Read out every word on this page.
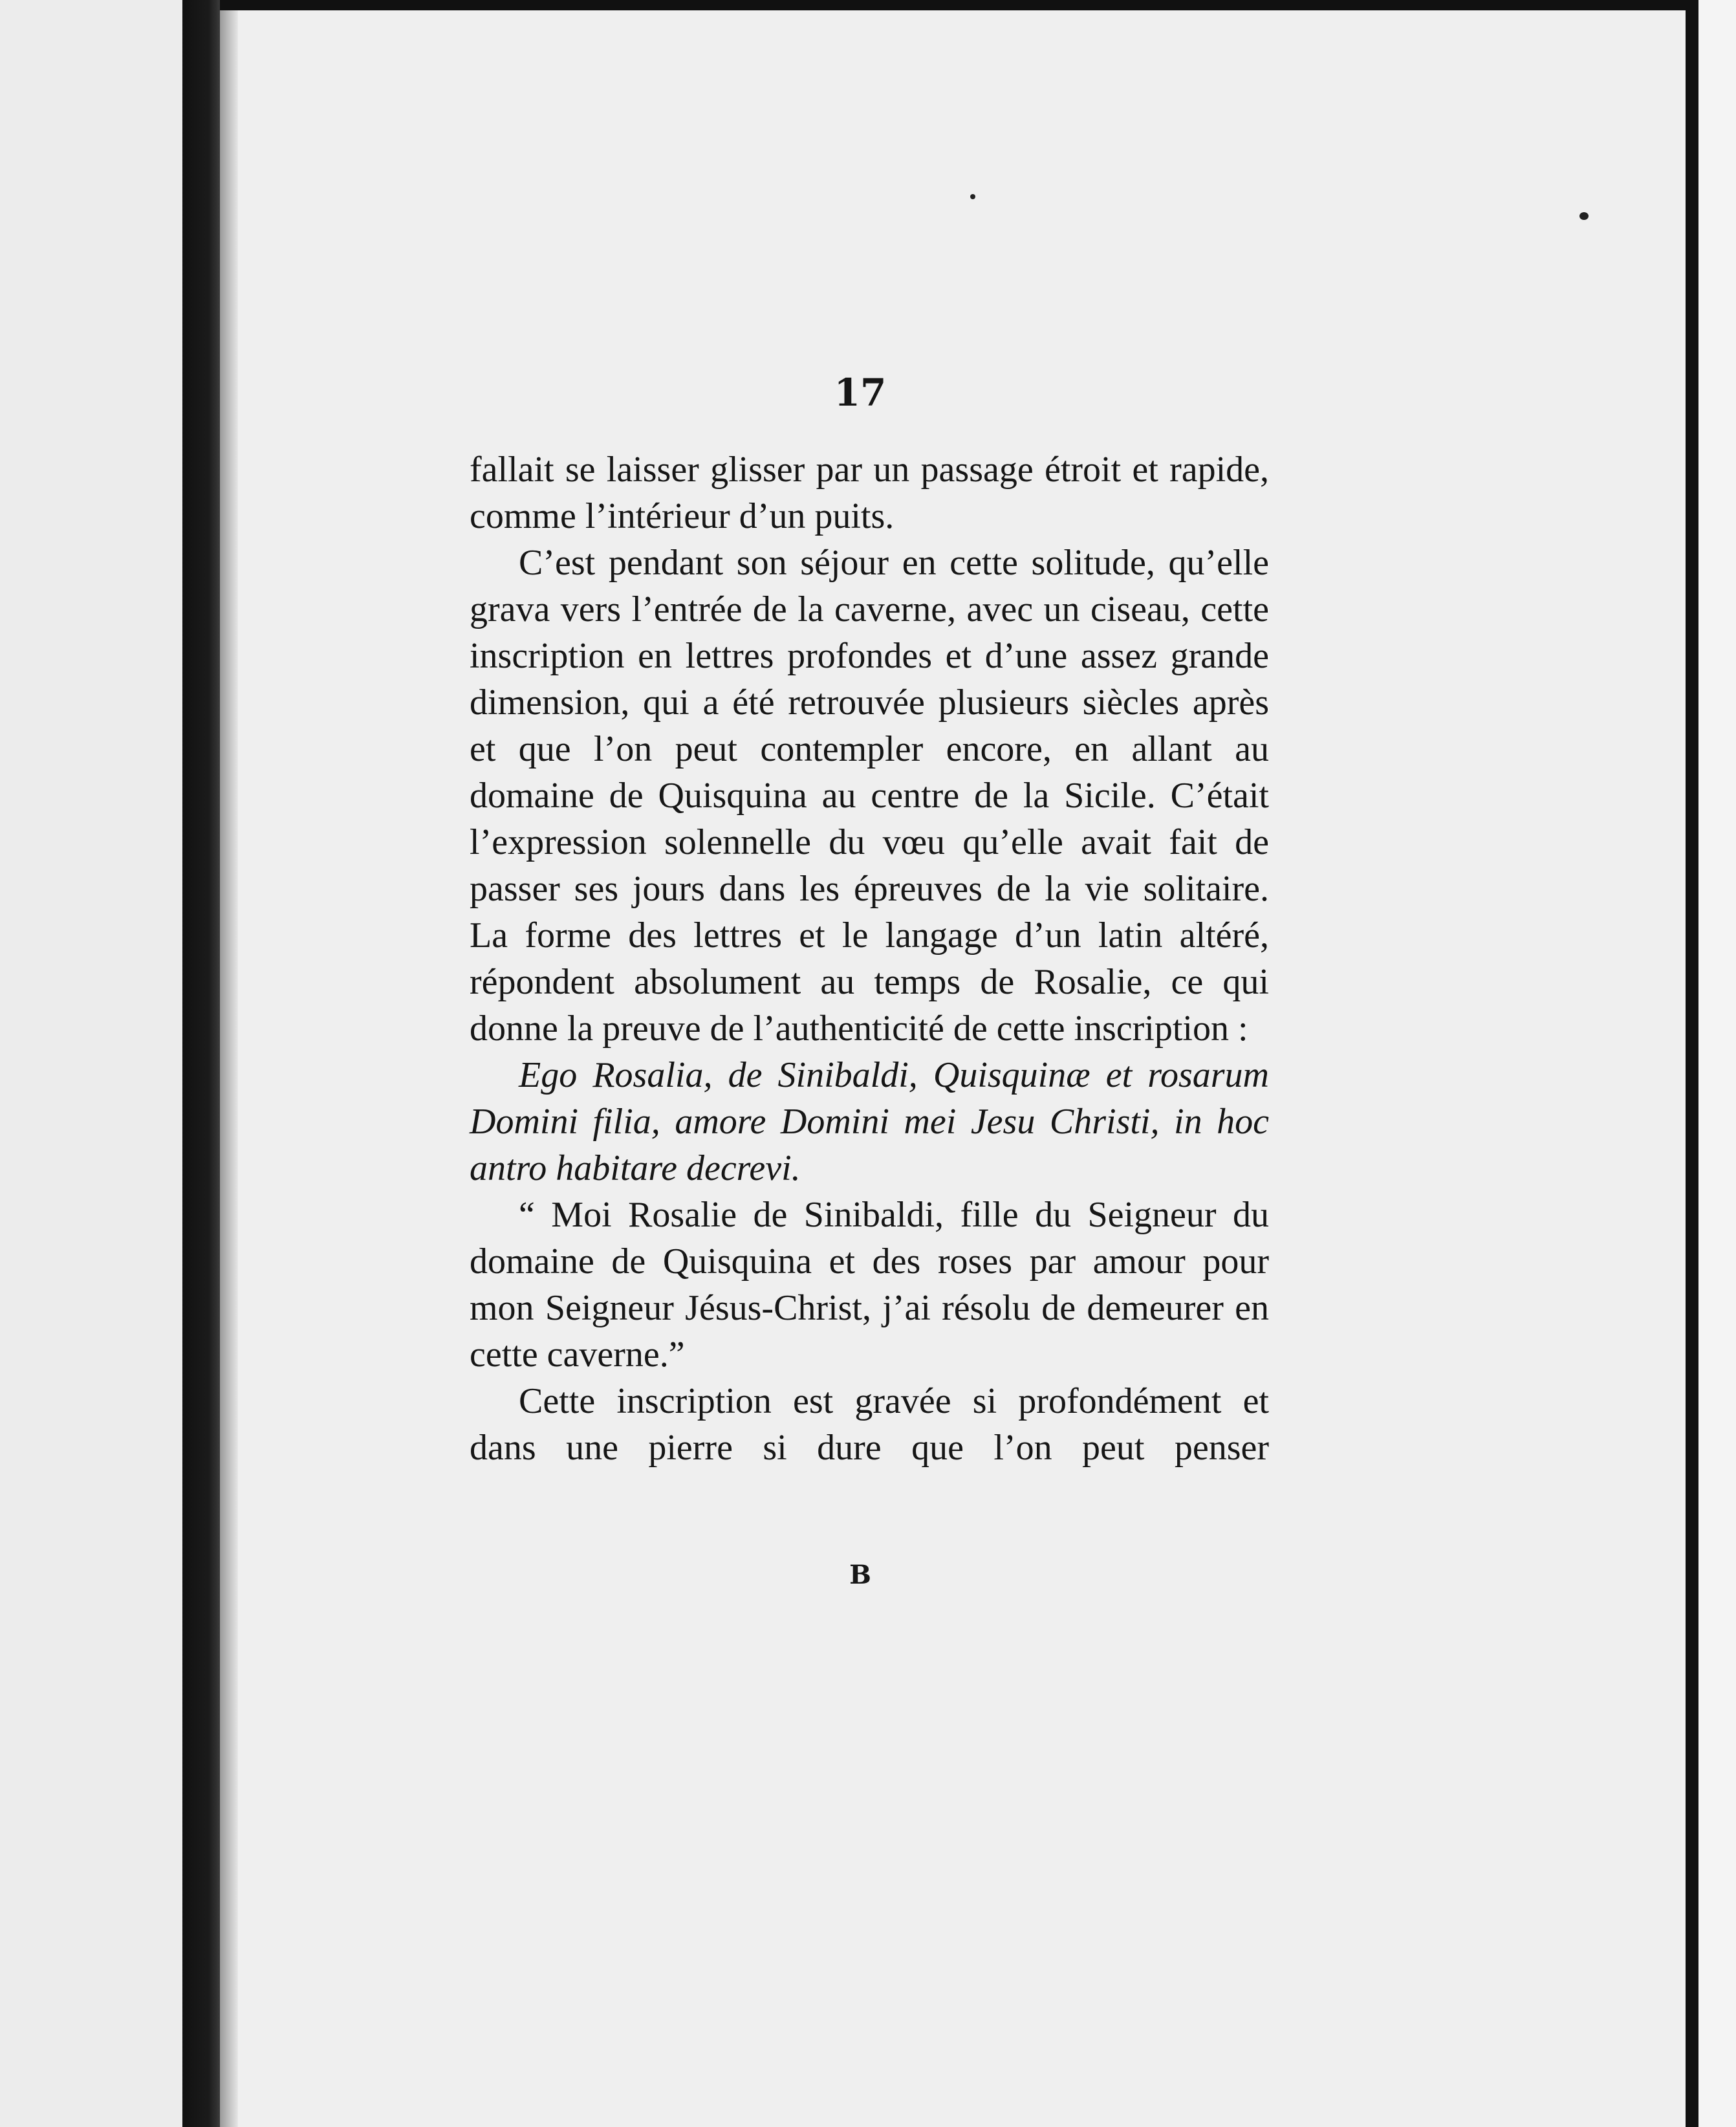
17

fallait se laisser glisser par un passage étroit et rapide, comme l’intérieur d’un puits.

C’est pendant son séjour en cette solitude, qu’elle grava vers l’entrée de la caverne, avec un ciseau, cette inscription en lettres profondes et d’une assez grande dimension, qui a été retrouvée plusieurs siècles après et que l’on peut contempler encore, en allant au domaine de Quisquina au centre de la Sicile. C’était l’expression solennelle du vœu qu’elle avait fait de passer ses jours dans les épreuves de la vie solitaire. La forme des lettres et le langage d’un latin altéré, répondent absolument au temps de Rosalie, ce qui donne la preuve de l’authenticité de cette inscription :

Ego Rosalia, de Sinibaldi, Quisquinæ et rosarum Domini filia, amore Domini mei Jesu Christi, in hoc antro habitare decrevi.

“ Moi Rosalie de Sinibaldi, fille du Seigneur du domaine de Quisquina et des roses par amour pour mon Seigneur Jésus-Christ, j’ai résolu de demeurer en cette caverne.”

Cette inscription est gravée si profondément et dans une pierre si dure que l’on peut penser

B
